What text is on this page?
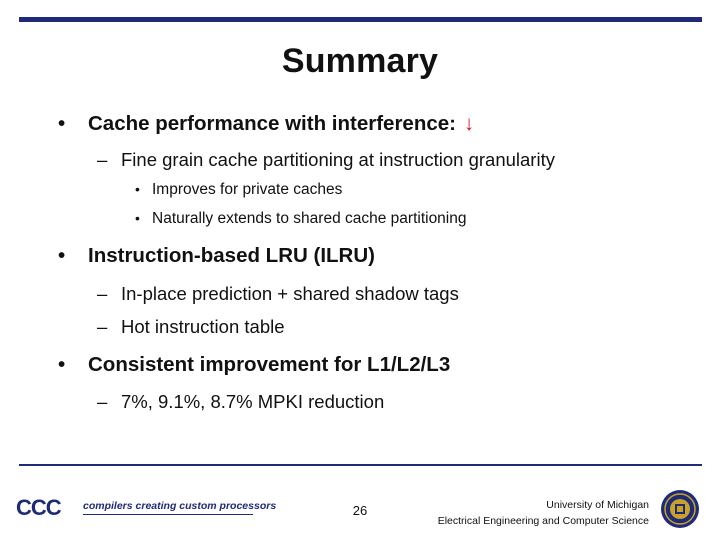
Summary
• Cache performance with interference: ↓
– Fine grain cache partitioning at instruction granularity
• Improves for private caches
• Naturally extends to shared cache partitioning
• Instruction-based LRU (ILRU)
– In-place prediction + shared shadow tags
– Hot instruction table
• Consistent improvement for L1/L2/L3
– 7%, 9.1%, 8.7% MPKI reduction
CCC compilers creating custom processors	26	University of Michigan
Electrical Engineering and Computer Science
